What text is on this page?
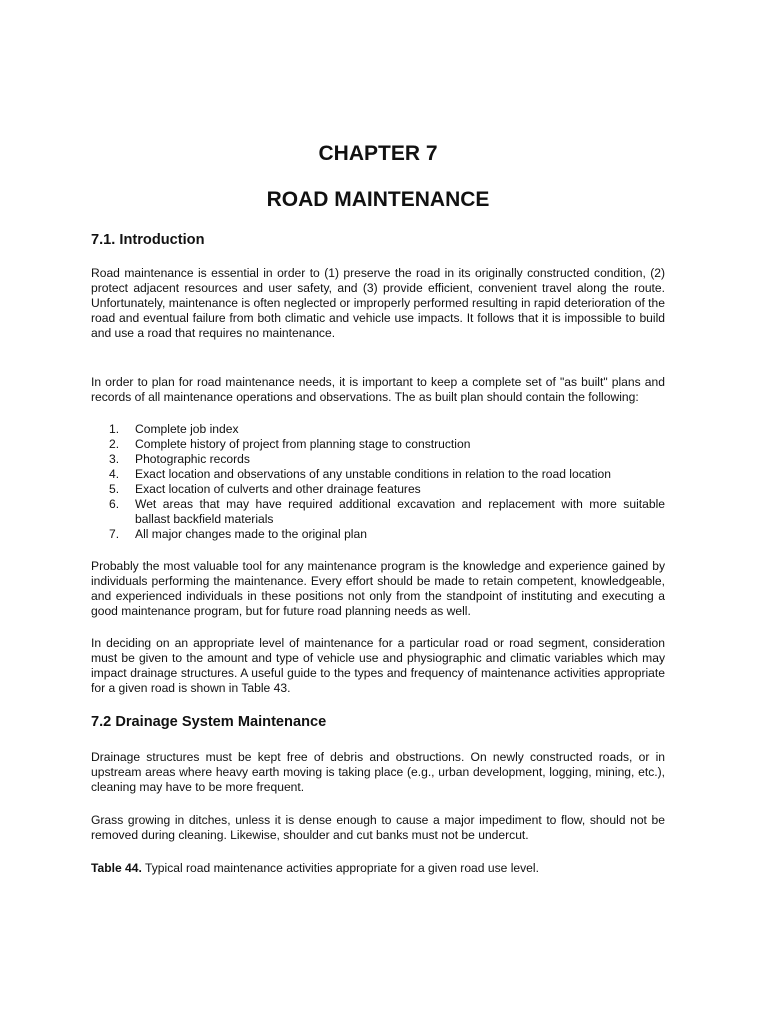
CHAPTER 7
ROAD MAINTENANCE
7.1. Introduction

Road maintenance is essential in order to (1) preserve the road in its originally constructed condition, (2) protect adjacent resources and user safety, and (3) provide efficient, convenient travel along the route. Unfortunately, maintenance is often neglected or improperly performed resulting in rapid deterioration of the road and eventual failure from both climatic and vehicle use impacts. It follows that it is impossible to build and use a road that requires no maintenance.

In order to plan for road maintenance needs, it is important to keep a complete set of "as built" plans and records of all maintenance operations and observations. The as built plan should contain the following:

1. Complete job index
2. Complete history of project from planning stage to construction
3. Photographic records
4. Exact location and observations of any unstable conditions in relation to the road location
5. Exact location of culverts and other drainage features
6. Wet areas that may have required additional excavation and replacement with more suitable ballast backfield materials
7. All major changes made to the original plan

Probably the most valuable tool for any maintenance program is the knowledge and experience gained by individuals performing the maintenance. Every effort should be made to retain competent, knowledgeable, and experienced individuals in these positions not only from the standpoint of instituting and executing a good maintenance program, but for future road planning needs as well.

In deciding on an appropriate level of maintenance for a particular road or road segment, consideration must be given to the amount and type of vehicle use and physiographic and climatic variables which may impact drainage structures. A useful guide to the types and frequency of maintenance activities appropriate for a given road is shown in Table 43.

7.2 Drainage System Maintenance

Drainage structures must be kept free of debris and obstructions. On newly constructed roads, or in upstream areas where heavy earth moving is taking place (e.g., urban development, logging, mining, etc.), cleaning may have to be more frequent.

Grass growing in ditches, unless it is dense enough to cause a major impediment to flow, should not be removed during cleaning. Likewise, shoulder and cut banks must not be undercut.

Table 44. Typical road maintenance activities appropriate for a given road use level.
